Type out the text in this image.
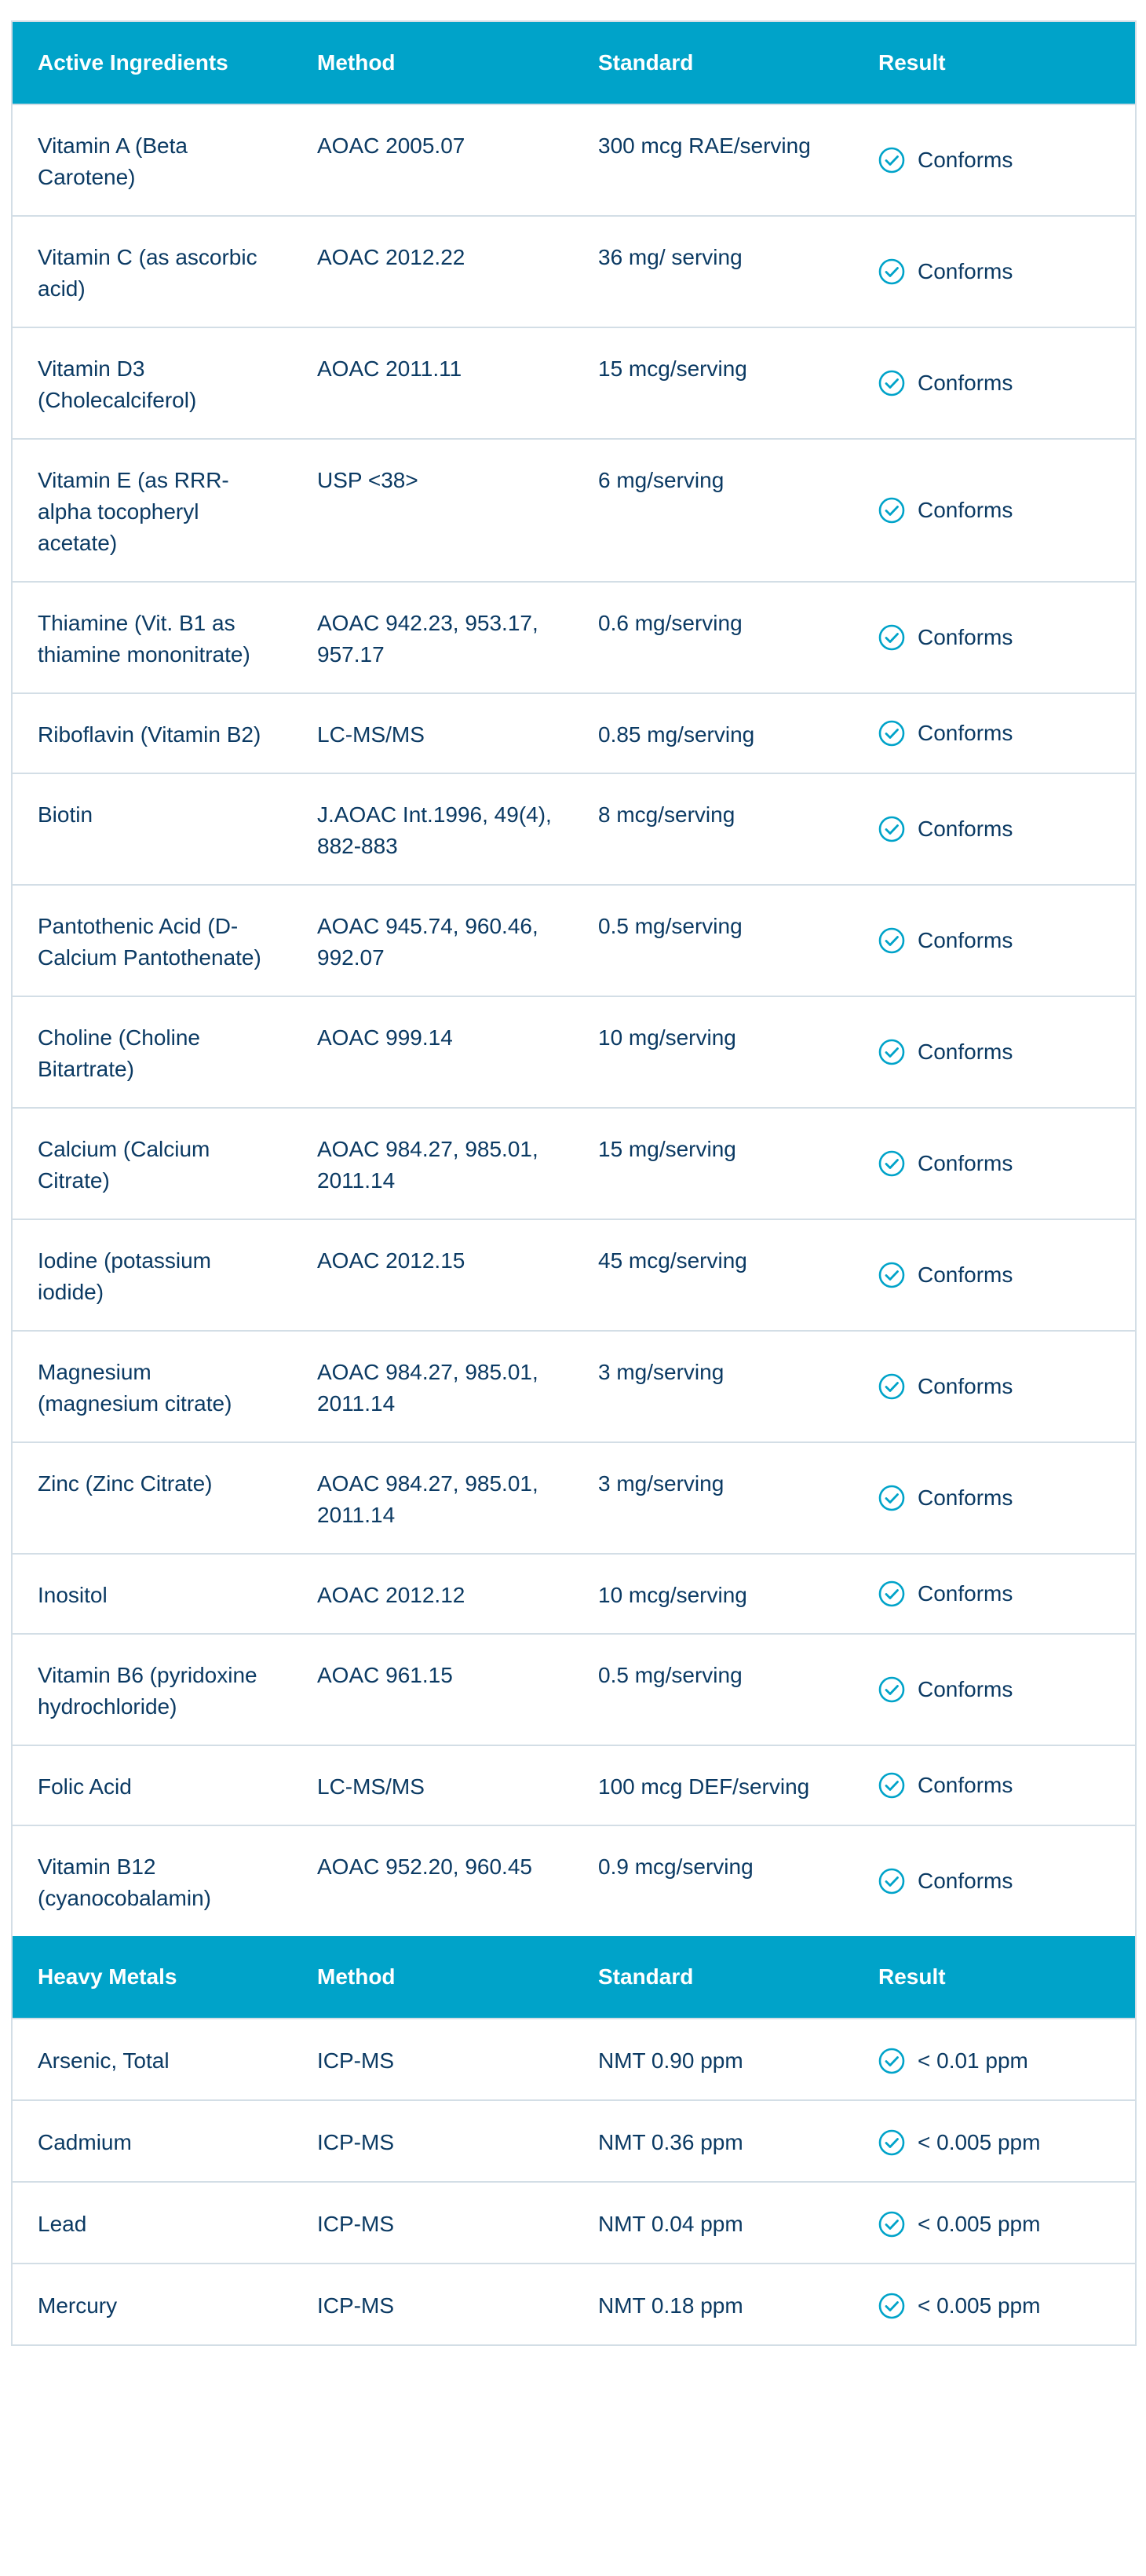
Active Ingredients	Method	Standard	Result
Vitamin A (Beta Carotene)	AOAC 2005.07	300 mcg RAE/serving	Conforms

Vitamin C (as ascorbic acid)	AOAC 2012.22	36 mg/ serving	Conforms

Vitamin D3 (Cholecalciferol)	AOAC 2011.11	15 mcg/serving	Conforms

Vitamin E (as RRR-alpha tocopheryl acetate)	USP <38>	6 mg/serving	Conforms

Thiamine (Vit. B1 as thiamine mononitrate)	AOAC 942.23, 953.17, 957.17	0.6 mg/serving	Conforms

Riboflavin (Vitamin B2)	LC-MS/MS	0.85 mg/serving	Conforms

Biotin	J.AOAC Int.1996, 49(4), 882-883	8 mcg/serving	Conforms

Pantothenic Acid (D-Calcium Pantothenate)	AOAC 945.74, 960.46, 992.07	0.5 mg/serving	Conforms

Choline (Choline Bitartrate)	AOAC 999.14	10 mg/serving	Conforms

Calcium (Calcium Citrate)	AOAC 984.27, 985.01, 2011.14	15 mg/serving	Conforms

Iodine (potassium iodide)	AOAC 2012.15	45 mcg/serving	Conforms

Magnesium (magnesium citrate)	AOAC 984.27, 985.01, 2011.14	3 mg/serving	Conforms

Zinc (Zinc Citrate)	AOAC 984.27, 985.01, 2011.14	3 mg/serving	Conforms

Inositol	AOAC 2012.12	10 mcg/serving	Conforms

Vitamin B6 (pyridoxine hydrochloride)	AOAC 961.15	0.5 mg/serving	Conforms

Folic Acid	LC-MS/MS	100 mcg DEF/serving	Conforms

Vitamin B12 (cyanocobalamin)	AOAC 952.20, 960.45	0.9 mcg/serving	Conforms

Heavy Metals	Method	Standard	Result
Arsenic, Total	ICP-MS	NMT 0.90 ppm	< 0.01 ppm

Cadmium	ICP-MS	NMT 0.36 ppm	< 0.005 ppm

Lead	ICP-MS	NMT 0.04 ppm	< 0.005 ppm

Mercury	ICP-MS	NMT 0.18 ppm	< 0.005 ppm
